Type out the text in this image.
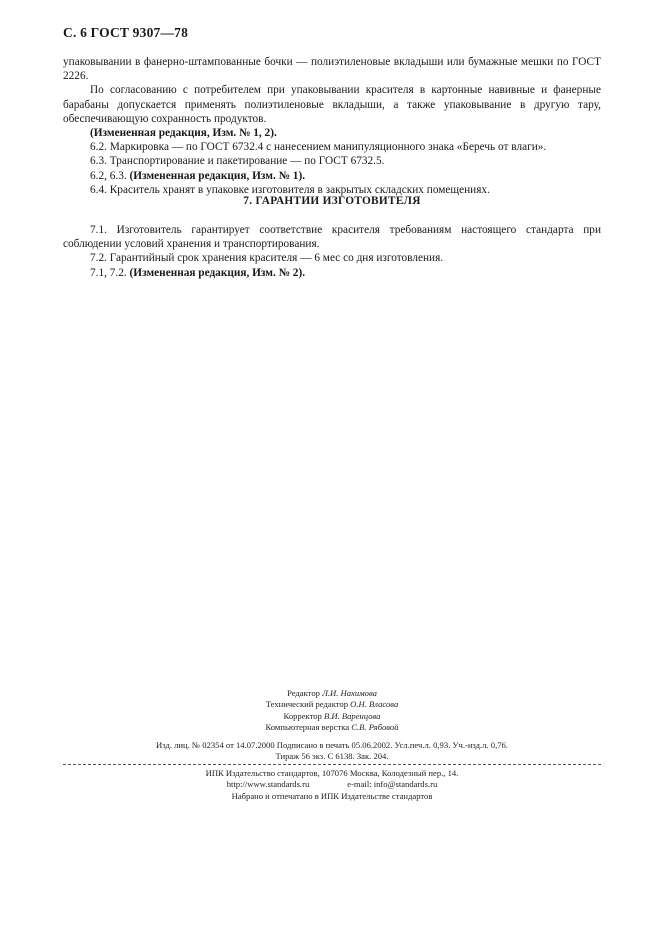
С. 6 ГОСТ 9307—78

упаковывании в фанерно-штампованные бочки — полиэтиленовые вкладыши или бумажные мешки по ГОСТ 2226.

По согласованию с потребителем при упаковывании красителя в картонные навивные и фанерные барабаны допускается применять полиэтиленовые вкладыши, а также упаковывание в другую тару, обеспечивающую сохранность продуктов.

(Измененная редакция, Изм. № 1, 2).

6.2. Маркировка — по ГОСТ 6732.4 с нанесением манипуляционного знака «Беречь от влаги».

6.3. Транспортирование и пакетирование — по ГОСТ 6732.5.

6.2, 6.3. (Измененная редакция, Изм. № 1).

6.4. Краситель хранят в упаковке изготовителя в закрытых складских помещениях.

7. ГАРАНТИИ ИЗГОТОВИТЕЛЯ

7.1. Изготовитель гарантирует соответствие красителя требованиям настоящего стандарта при соблюдении условий хранения и транспортирования.

7.2. Гарантийный срок хранения красителя — 6 мес со дня изготовления.

7.1, 7.2. (Измененная редакция, Изм. № 2).

Редактор Л.И. Нахимова
Технический редактор О.Н. Власова
Корректор В.И. Варенцова
Компьютерная верстка С.В. Рябовой
Изд. лиц. № 02354 от 14.07.2000 Подписано в печать 05.06.2002. Усл.печ.л. 0,93. Уч.-изд.л. 0,76.
Тираж 56 экз. С 6138. Зак. 204.
ИПК Издательство стандартов, 107076 Москва, Колодезный пер., 14.
http://www.standards.ru	e-mail: info@standards.ru
Набрано и отпечатано в ИПК Издательстве стандартов
